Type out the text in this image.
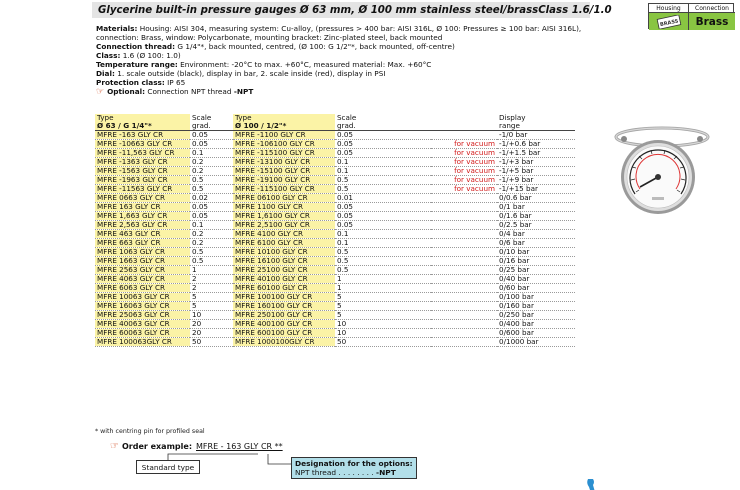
Glycerine built-in pressure gauges Ø 63 mm, Ø 100 mm stainless steel/brass Class 1.6/1.0	Housing	Connection
BRASS	Brass

Materials: Housing: AISI 304, measuring system: Cu-alloy, (pressures > 400 bar: AISI 316L, Ø 100: Pressures ≥ 100 bar: AISI 316L), connection: Brass, window: Polycarbonate, mounting bracket: Zinc-plated steel, back mounted

Connection thread: G 1/4"*, back mounted, centred, (Ø 100: G 1/2"*, back mounted, off-centre)

Class: 1.6 (Ø 100: 1.0)

Temperature range: Environment: -20°C to max. +60°C, measured material: Max. +60°C

Dial: 1. scale outside (black), display in bar, 2. scale inside (red), display in PSI

Protection class: IP 65

☞ Optional: Connection NPT thread -NPT

Type	Scale	Type	Scale		Display
Ø 63 / G 1/4"*	grad.	Ø 100 / 1/2"*	grad.		range
MFRE -163 GLY CR	0.05	MFRE -1100 GLY CR	0.05		-1/0 bar
MFRE -10663 GLY CR	0.05	MFRE -106100 GLY CR	0.05	for vacuum	-1/+0.6 bar
MFRE -11,563 GLY CR	0.1	MFRE -115100 GLY CR	0.05	for vacuum	-1/+1.5 bar
MFRE -1363 GLY CR	0.2	MFRE -13100 GLY CR	0.1	for vacuum	-1/+3 bar
MFRE -1563 GLY CR	0.2	MFRE -15100 GLY CR	0.1	for vacuum	-1/+5 bar
MFRE -1963 GLY CR	0.5	MFRE -19100 GLY CR	0.5	for vacuum	-1/+9 bar
MFRE -11563 GLY CR	0.5	MFRE -115100 GLY CR	0.5	for vacuum	-1/+15 bar
MFRE 0663 GLY CR	0.02	MFRE 06100 GLY CR	0.01		0/0.6 bar
MFRE 163 GLY CR	0.05	MFRE 1100 GLY CR	0.05		0/1 bar
MFRE 1,663 GLY CR	0.05	MFRE 1,6100 GLY CR	0.05		0/1.6 bar
MFRE 2,563 GLY CR	0.1	MFRE 2,5100 GLY CR	0.05		0/2.5 bar
MFRE 463 GLY CR	0.2	MFRE 4100 GLY CR	0.1		0/4 bar
MFRE 663 GLY CR	0.2	MFRE 6100 GLY CR	0.1		0/6 bar
MFRE 1063 GLY CR	0.5	MFRE 10100 GLY CR	0.5		0/10 bar
MFRE 1663 GLY CR	0.5	MFRE 16100 GLY CR	0.5		0/16 bar
MFRE 2563 GLY CR	1	MFRE 25100 GLY CR	0.5		0/25 bar
MFRE 4063 GLY CR	2	MFRE 40100 GLY CR	1		0/40 bar
MFRE 6063 GLY CR	2	MFRE 60100 GLY CR	1		0/60 bar
MFRE 10063 GLY CR	5	MFRE 100100 GLY CR	5		0/100 bar
MFRE 16063 GLY CR	5	MFRE 160100 GLY CR	5		0/160 bar
MFRE 25063 GLY CR	10	MFRE 250100 GLY CR	5		0/250 bar
MFRE 40063 GLY CR	20	MFRE 400100 GLY CR	10		0/400 bar
MFRE 60063 GLY CR	20	MFRE 600100 GLY CR	10		0/600 bar
MFRE 100063GLY CR	50	MFRE 1000100GLY CR	50		0/1000 bar
* with centring pin for profiled seal
☞ Order example: MFRE - 163 GLY CR **
Standard type	Designation for the options:
NPT thread . . . . . . . . -NPT
